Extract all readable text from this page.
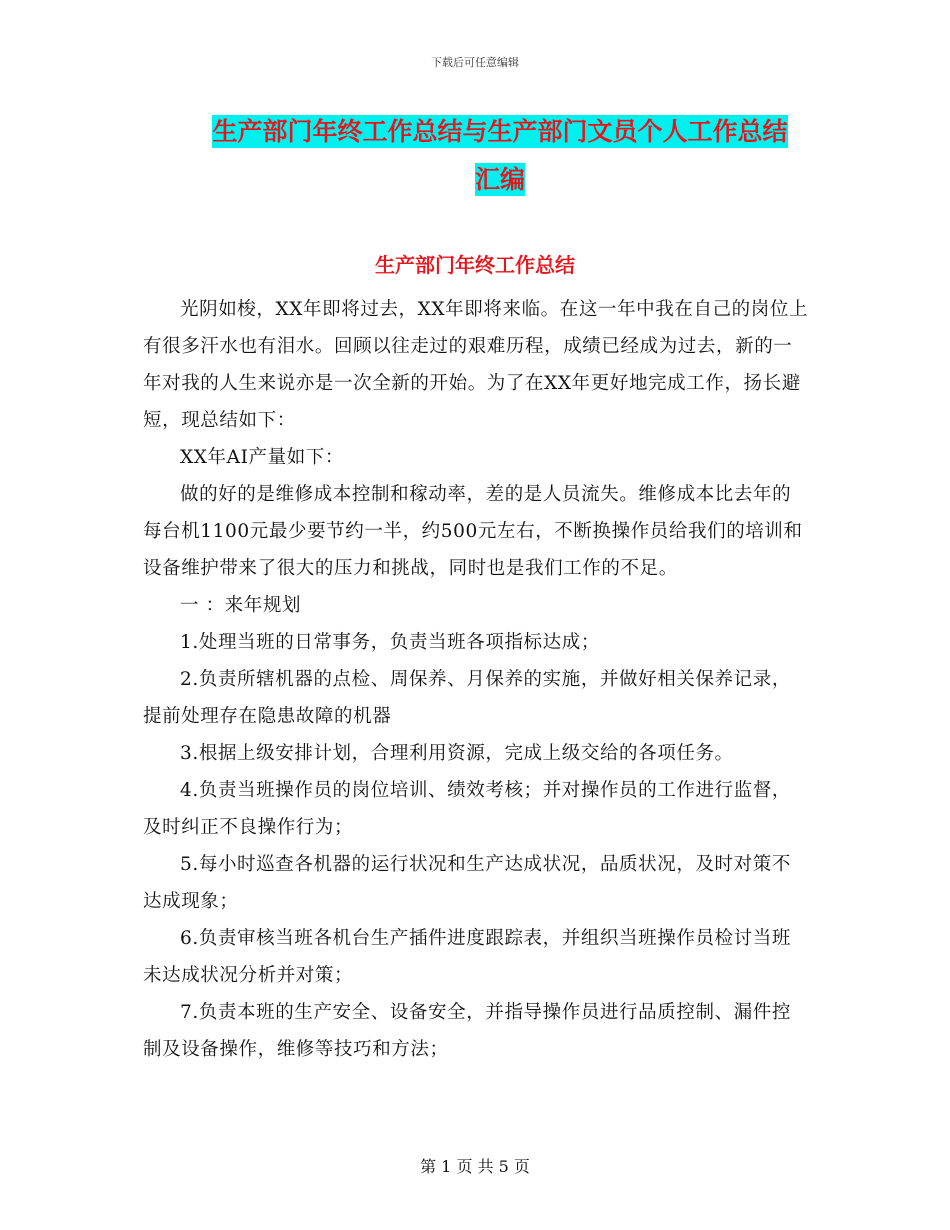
下载后可任意编辑
生产部门年终工作总结与生产部门文员个人工作总结
汇编
生产部门年终工作总结

光阴如梭，XX年即将过去，XX年即将来临。在这一年中我在自己的岗位上有很多汗水也有泪水。回顾以往走过的艰难历程，成绩已经成为过去，新的一年对我的人生来说亦是一次全新的开始。为了在XX年更好地完成工作，扬长避短，现总结如下：

XX年AI产量如下：

做的好的是维修成本控制和稼动率，差的是人员流失。维修成本比去年的每台机1100元最少要节约一半，约500元左右，不断换操作员给我们的培训和设备维护带来了很大的压力和挑战，同时也是我们工作的不足。

一 ：来年规划

1.处理当班的日常事务，负责当班各项指标达成；

2.负责所辖机器的点检、周保养、月保养的实施，并做好相关保养记录，提前处理存在隐患故障的机器

3.根据上级安排计划，合理利用资源，完成上级交给的各项任务。

4.负责当班操作员的岗位培训、绩效考核；并对操作员的工作进行监督，及时纠正不良操作行为；

5.每小时巡查各机器的运行状况和生产达成状况，品质状况，及时对策不达成现象；

6.负责审核当班各机台生产插件进度跟踪表，并组织当班操作员检讨当班未达成状况分析并对策；

7.负责本班的生产安全、设备安全，并指导操作员进行品质控制、漏件控制及设备操作，维修等技巧和方法；

第 1 页 共 5 页
